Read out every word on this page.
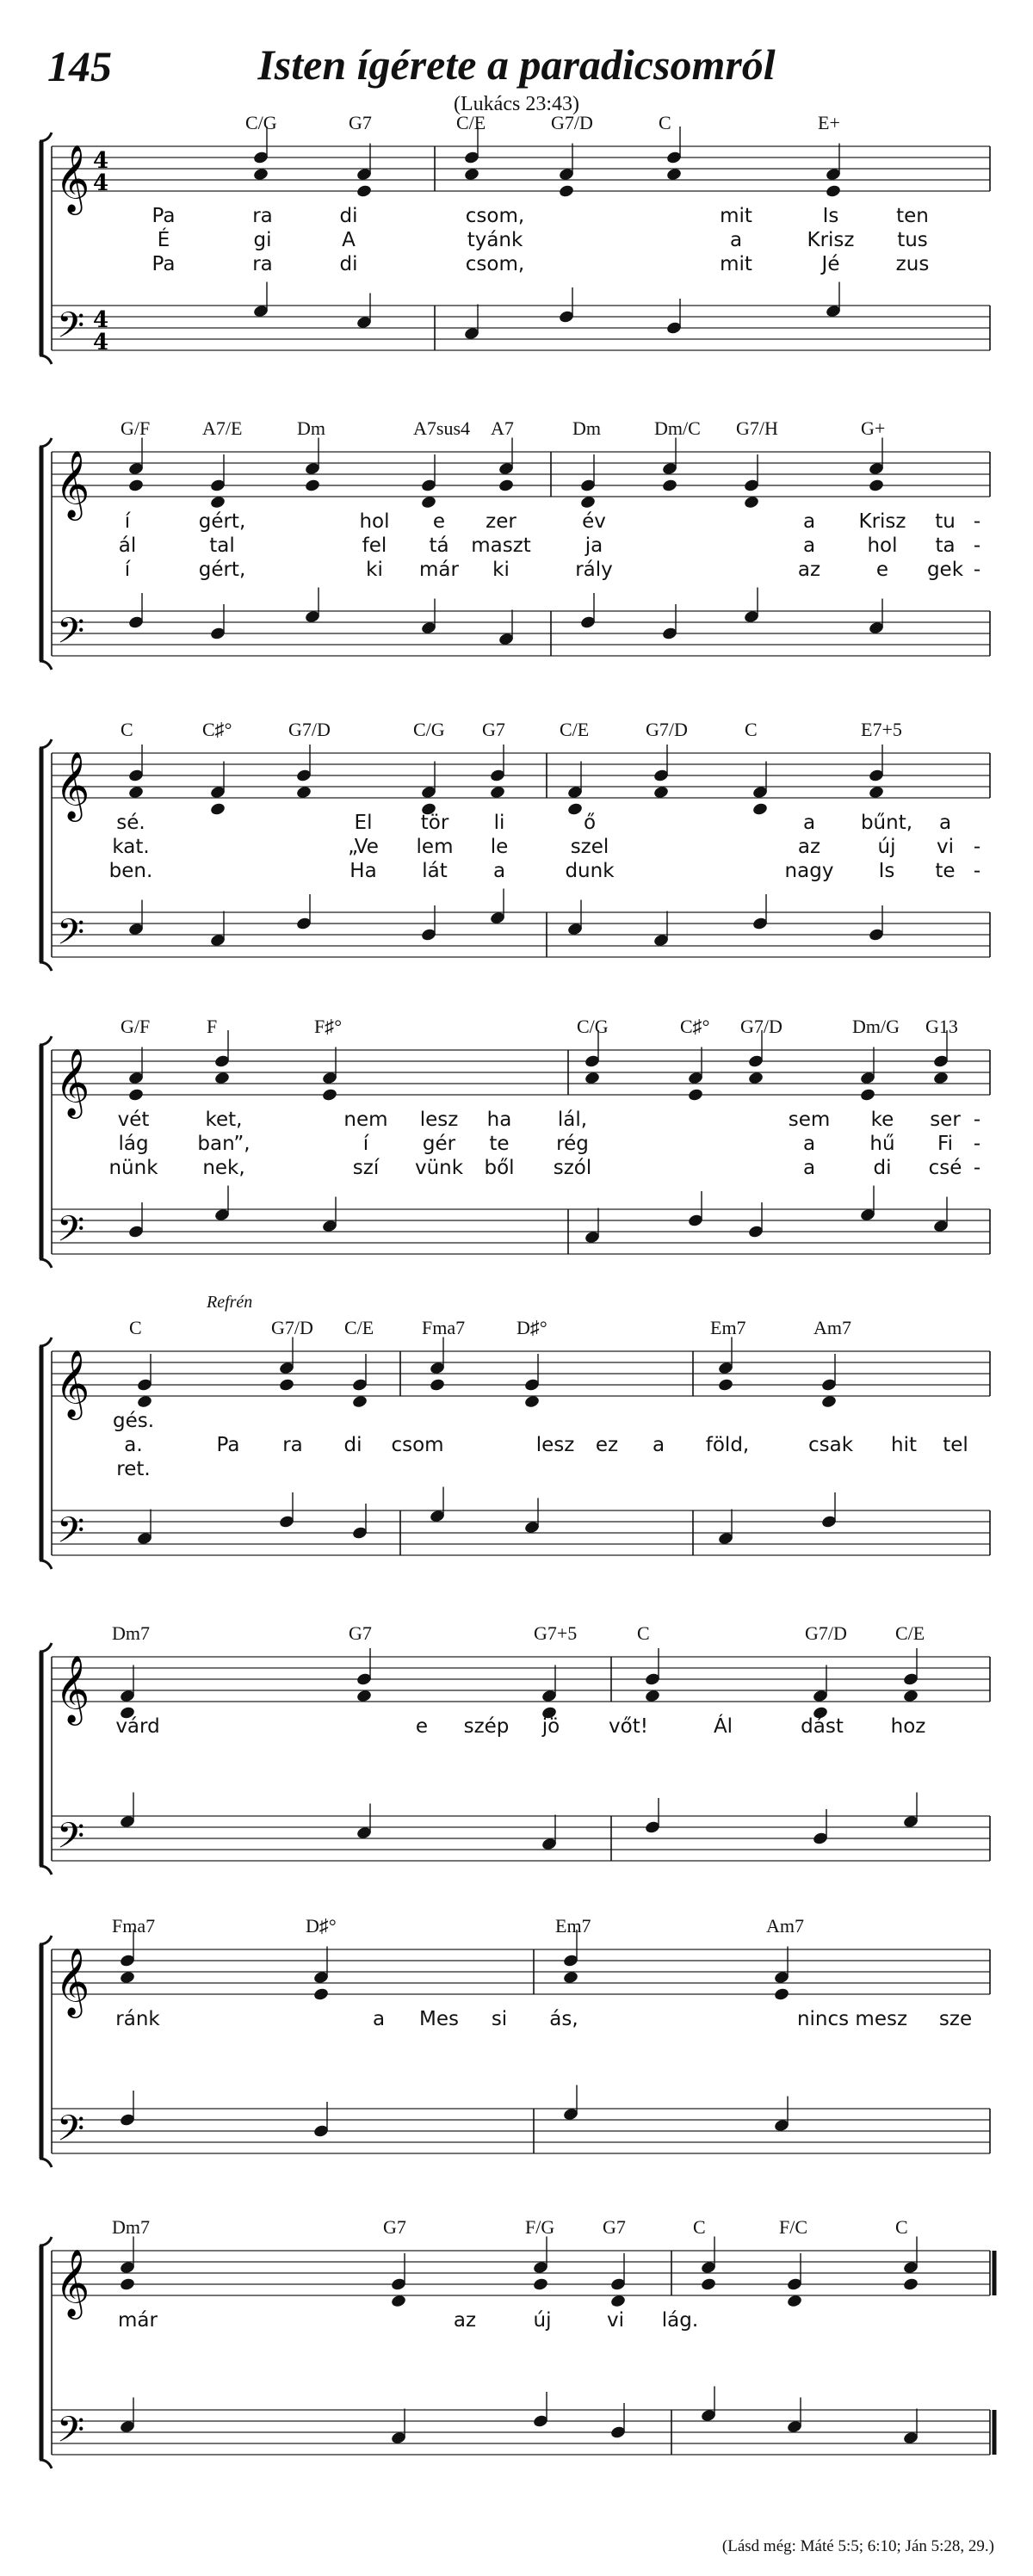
145	Isten ígérete a paradicsomról
(Lukács 23:43)
C/G	G7	C/E	G7/D	C	E+
𝄞
𝄢
4
4
4
4
Pa	ra	di	csom,	mit	Is	ten
É	gi	A	tyánk	a	Krisz tus
Pa	ra	di	csom,	mit	Jé	zus
G/F	A7/E	Dm	A7sus4 A7	Dm	Dm/C G7/H	G+
𝄞
𝄢
í	gért,	hol e zer	év	a Krisz tu -
ál	tal	fel tá maszt	ja	a	hol ta -
í	gért,	ki már ki	rály	az	e gek -
C	C♯°	G7/D	C/G G7	C/E	G7/D	C	E7+5
𝄞
𝄢
sé.	El tör li	ő	a bűnt, a
kat.	„Ve lem le	szel	az	új vi -
ben.	Ha lát a	dunk	nagy Is te -
G/F	F	F♯°	C/G	C♯° G7/D	Dm/G G13
𝄞
𝄢
vét	ket,	nem lesz ha lál,	sem ke ser -
lág ban”,	í	gér te rég	a	hű Fi -
nünk nek,	szí vünk ből szól	a	di csé -
C	G7/D C/E	Fma7	D♯°	Em7	Am7
Refrén
𝄞
𝄢
gés.
a.	Pa ra di csom	lesz ez a föld,	csak hit tel
ret.
Dm7	G7	G7+5	C	G7/D	C/E
𝄞
𝄢
várd	e szép jö vőt!	Ál	dást hoz
Fma7	D♯°	Em7	Am7
𝄞
𝄢
ránk	a Mes si ás,	nincs mesz sze
Dm7	G7	F/G	G7	C	F/C	C
𝄞
𝄢
már	az	új	vi lág.
(Lásd még: Máté 5:5; 6:10; Ján 5:28, 29.)
